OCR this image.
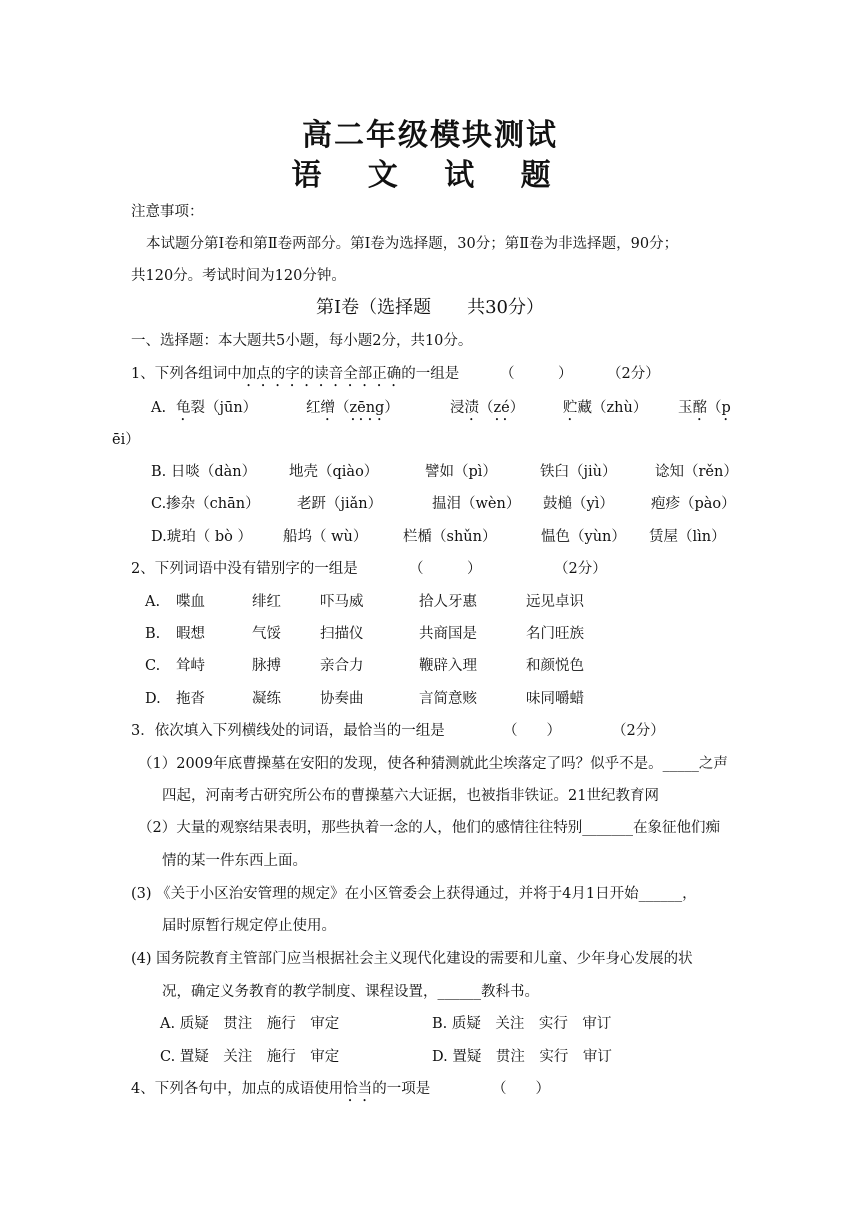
高二年级模块测试
语 文 试 题
注意事项：
本试题分第Ⅰ卷和第Ⅱ卷两部分。第Ⅰ卷为选择题，30分；第Ⅱ卷为非选择题，90分；
共120分。考试时间为120分钟。
第Ⅰ卷（选择题　　共30分）
一、选择题：本大题共5小题，每小题2分，共10分。
1、下列各组词中加点的字的读音全部正确的一组是	（　　　） （2分）
A. 龟裂（jūn）	红缯（zēng）	浸渍（zé）	贮藏（zhù） 玉酩（p
ēi）
B. 日啖（dàn） 地壳（qiào）	譬如（pì）	铁臼（jiù）	谂知（rěn）
C.掺杂（chān）	老趼（jiǎn）	揾泪（wèn） 鼓槌（yì）	疱疹（pào）
D.琥珀（ bò ） 船坞（ wù） 栏楯（shǔn）	愠色（yùn） 赁屋（lìn）
2、下列词语中没有错别字的一组是	（　　　）	（2分）
A. 喋血	绯红	吓马威	拾人牙惠	远见卓识
B. 暇想	气馁	扫描仪	共商国是	名门旺族
C. 耸峙	脉搏	亲合力	鞭辟入理	和颜悦色
D. 拖沓	凝练	协奏曲	言简意赅	味同嚼蜡
3．依次填入下列横线处的词语，最恰当的一组是	（　　）	（2分）
（1）2009年底曹操墓在安阳的发现，使各种猜测就此尘埃落定了吗？似乎不是。_____之声
四起，河南考古研究所公布的曹操墓六大证据，也被指非铁证。21世纪教育网
（2）大量的观察结果表明，那些执着一念的人，他们的感情往往特别_______在象征他们痴
情的某一件东西上面。
(3) 《关于小区治安管理的规定》在小区管委会上获得通过，并将于4月1日开始______，
届时原暂行规定停止使用。
(4) 国务院教育主管部门应当根据社会主义现代化建设的需要和儿童、少年身心发展的状
况，确定义务教育的教学制度、课程设置，______教科书。
A. 质疑　贯注　施行　审定	B. 质疑　关注　实行　审订
C. 置疑　关注　施行　审定	D. 置疑　贯注　实行　审订
4、下列各句中，加点的成语使用恰当的一项是	（　　）
